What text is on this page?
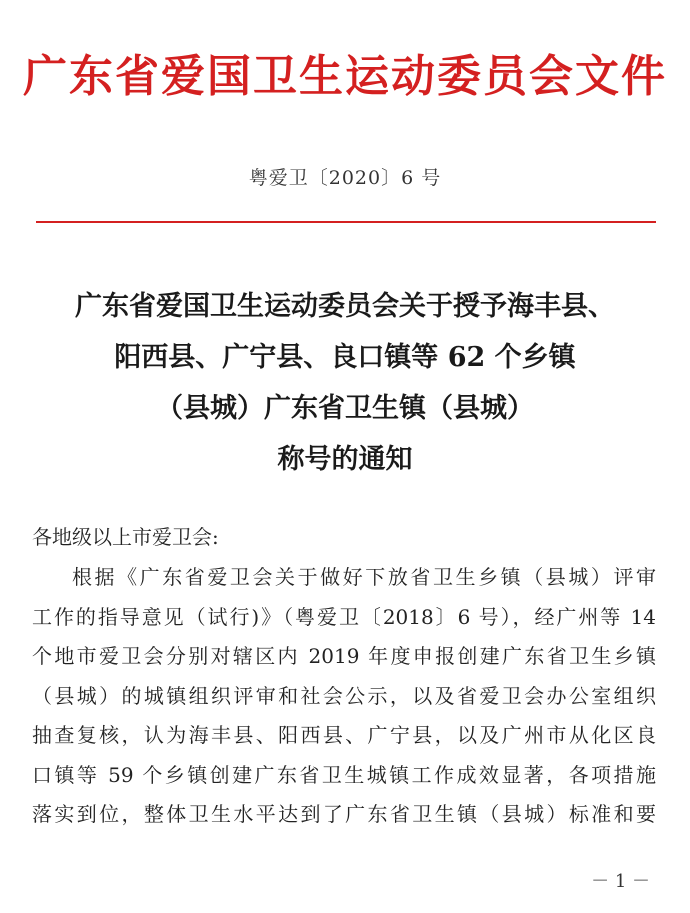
广东省爱国卫生运动委员会文件
粤爱卫〔2020〕6 号
广东省爱国卫生运动委员会关于授予海丰县、
阳西县、广宁县、良口镇等 62 个乡镇
（县城）广东省卫生镇（县城）
称号的通知
各地级以上市爱卫会:
根据《广东省爱卫会关于做好下放省卫生乡镇（县城）评审
工作的指导意见（试行)》（粤爱卫〔2018〕6 号），经广州等 14
个地市爱卫会分别对辖区内 2019 年度申报创建广东省卫生乡镇
（县城）的城镇组织评审和社会公示，以及省爱卫会办公室组织
抽查复核，认为海丰县、阳西县、广宁县，以及广州市从化区良
口镇等 59 个乡镇创建广东省卫生城镇工作成效显著，各项措施
落实到位，整体卫生水平达到了广东省卫生镇（县城）标准和要
－ 1 －
